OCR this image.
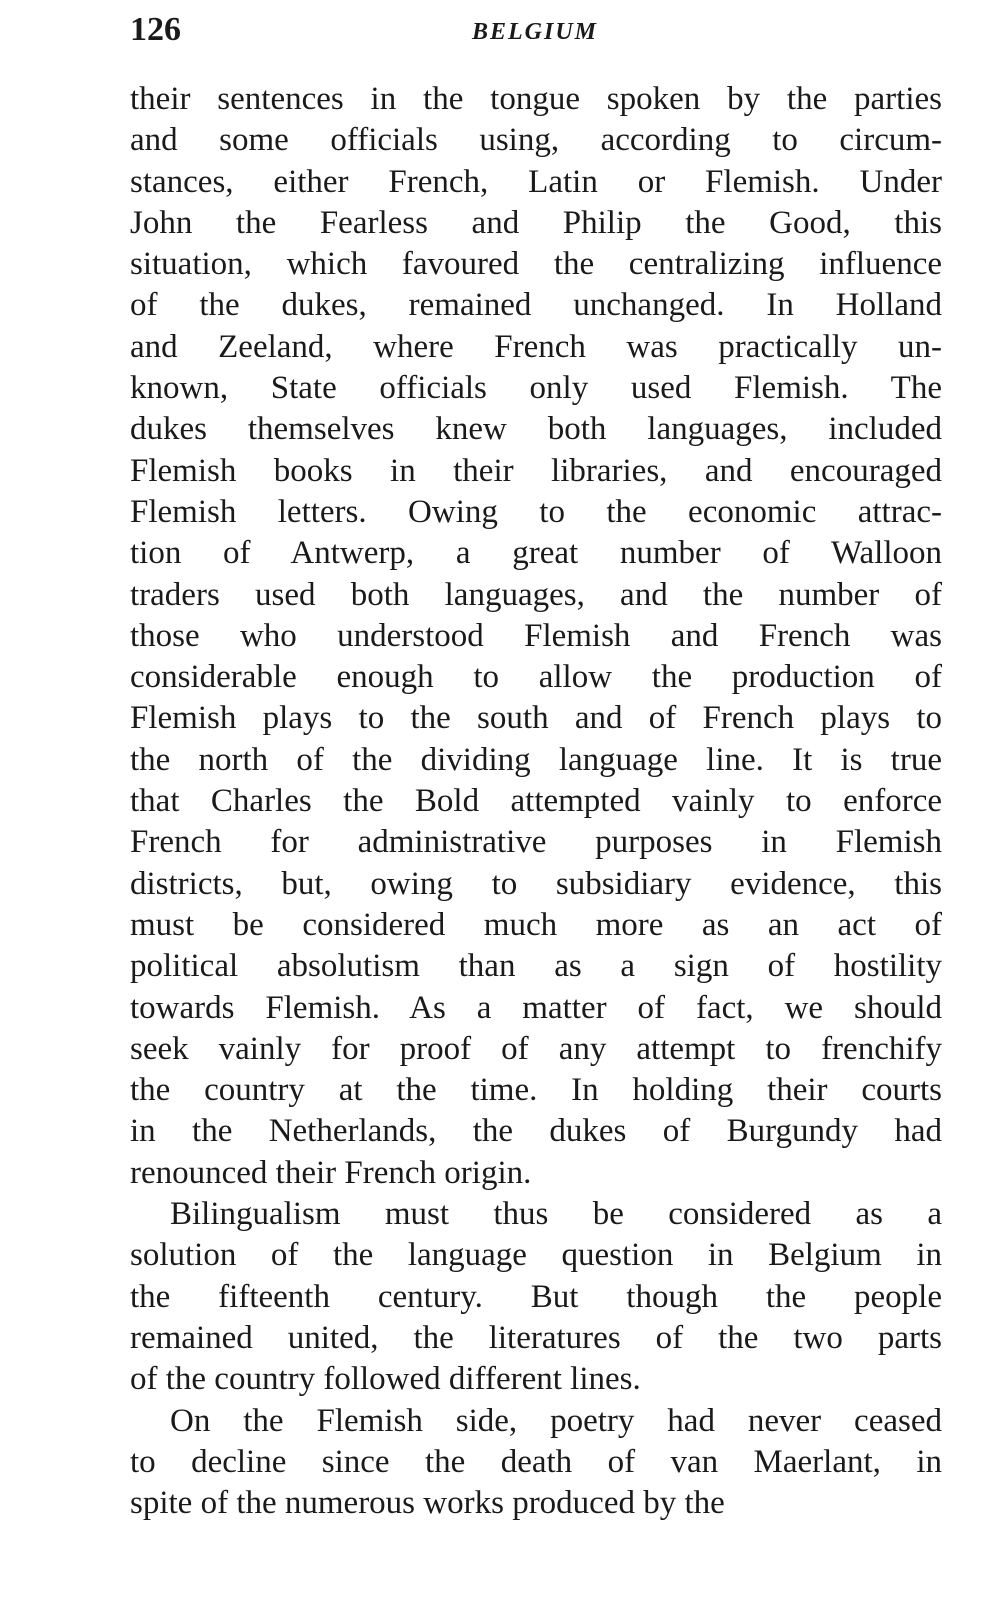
126	BELGIUM
their sentences in the tongue spoken by the parties
and some officials using, according to circum-
stances, either French, Latin or Flemish. Under
John the Fearless and Philip the Good, this
situation, which favoured the centralizing influence
of the dukes, remained unchanged. In Holland
and Zeeland, where French was practically un-
known, State officials only used Flemish. The
dukes themselves knew both languages, included
Flemish books in their libraries, and encouraged
Flemish letters. Owing to the economic attrac-
tion of Antwerp, a great number of Walloon
traders used both languages, and the number of
those who understood Flemish and French was
considerable enough to allow the production of
Flemish plays to the south and of French plays to
the north of the dividing language line. It is true
that Charles the Bold attempted vainly to enforce
French for administrative purposes in Flemish
districts, but, owing to subsidiary evidence, this
must be considered much more as an act of
political absolutism than as a sign of hostility
towards Flemish. As a matter of fact, we should
seek vainly for proof of any attempt to frenchify
the country at the time. In holding their courts
in the Netherlands, the dukes of Burgundy had
renounced their French origin.
Bilingualism must thus be considered as a
solution of the language question in Belgium in
the fifteenth century. But though the people
remained united, the literatures of the two parts
of the country followed different lines.
On the Flemish side, poetry had never ceased
to decline since the death of van Maerlant, in
spite of the numerous works produced by the
